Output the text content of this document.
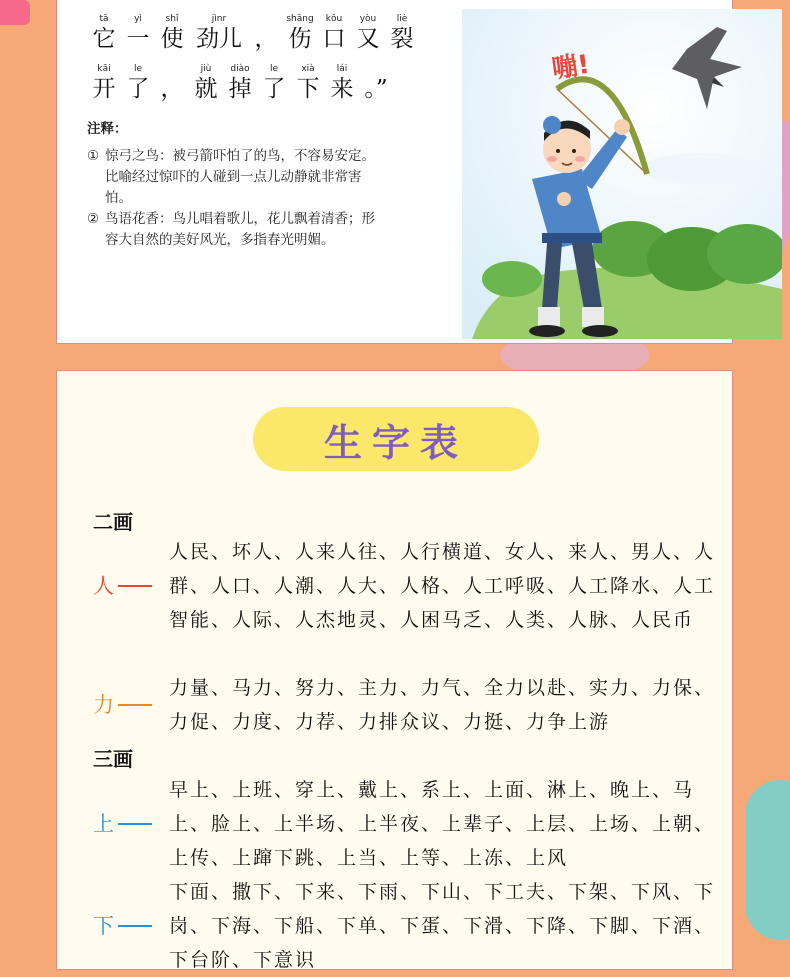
tā
它
yì
一
shǐ
使
jìnr
劲儿 ，
shāng
伤
kǒu
口
yòu
又
liè
裂
kāi
开
le
了 ，
jiù
就
diào
掉
le
了
xià
下
lái
来 。”
注释：
① 惊弓之鸟：被弓箭吓怕了的鸟，不容易安定。比喻经过惊吓的人碰到一点儿动静就非常害怕。
② 鸟语花香：鸟儿唱着歌儿，花儿飘着清香；形容大自然的美好风光，多指春光明媚。
嘣!
生字表
二画
人
人民、坏人、人来人往、人行横道、女人、来人、男人、人群、人口、人潮、人大、人格、人工呼吸、人工降水、人工智能、人际、人杰地灵、人困马乏、人类、人脉、人民币
力
力量、马力、努力、主力、力气、全力以赴、实力、力保、力促、力度、力荐、力排众议、力挺、力争上游
三画
上
早上、上班、穿上、戴上、系上、上面、淋上、晚上、马上、脸上、上半场、上半夜、上辈子、上层、上场、上朝、上传、上蹿下跳、上当、上等、上冻、上风
下
下面、撒下、下来、下雨、下山、下工夫、下架、下风、下岗、下海、下船、下单、下蛋、下滑、下降、下脚、下酒、下台阶、下意识
